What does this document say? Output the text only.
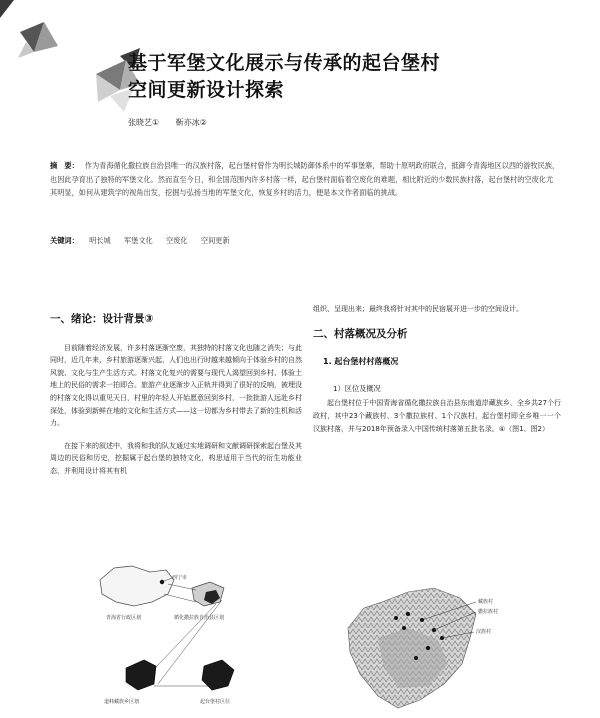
基于军堡文化展示与传承的起台堡村
空间更新设计探索
张晓艺① 靳亦冰②
摘　要： 作为青海循化撒拉族自治县唯一的汉族村落，起台堡村曾作为明长城防御体系中的军事堡寨，帮助十原明政府联合，抵御今青海地区以西的游牧民族，也因此孕育出了独特的军堡文化。然而直至今日，和全国范围内许多村落一样，起台堡村面临着空废化的难题，相比附近的少数民族村落，起台堡村的空废化尤其明显，如何从建筑学的视角出发，挖掘与弘扬当地的军堡文化，恢复乡村的活力，便是本文作者面临的挑战。
关键词： 明长城 军堡文化 空废化 空间更新
一、绪论：设计背景③
目前随着经济发展，许多村落逐渐空废，其独特的村落文化也随之消失；与此同时，近几年来，乡村旅游逐渐兴起，人们也出行时越来越倾向于体验乡村的自然风貌、文化与生产生活方式。村落文化复兴的需要与现代人渴望回到乡村、体验土地上的民俗的需求一拍即合。旅游产业逐渐步入正轨并得到了很好的反响，被埋没的村落文化得以重见天日，村里的年轻人开始愿意回到乡村，一批批游人远赴乡村深处，体验到新鲜在地的文化和生活方式——这一切都为乡村带去了新的生机和活力。
在接下来的叙述中，我将和我的队友通过实地调研和文献调研探索起台堡及其周边的民俗和历史，挖掘属于起台堡的独特文化，构思适用于当代的衍生功能业态，并利用设计将其有机
组织、呈现出来；最终我将针对其中的民宿展开进一步的空间设计。
二、村落概况及分析
1. 起台堡村村落概况
1）区位及概况
起台堡村位于中国青海省循化撒拉族自治县东南道岸藏族乡，全乡共27个行政村，其中23个藏族村、3个撒拉族村、1个汉族村，起台堡村即全乡唯一一个汉族村落，并与2018年预备录入中国传统村落第五批名录。④（图1、图2）
西宁市
青海省行政区划	循化撒拉族自治县区划
道帏藏族乡区划	起台堡村区位
藏族村
撒拉族村
汉族村
